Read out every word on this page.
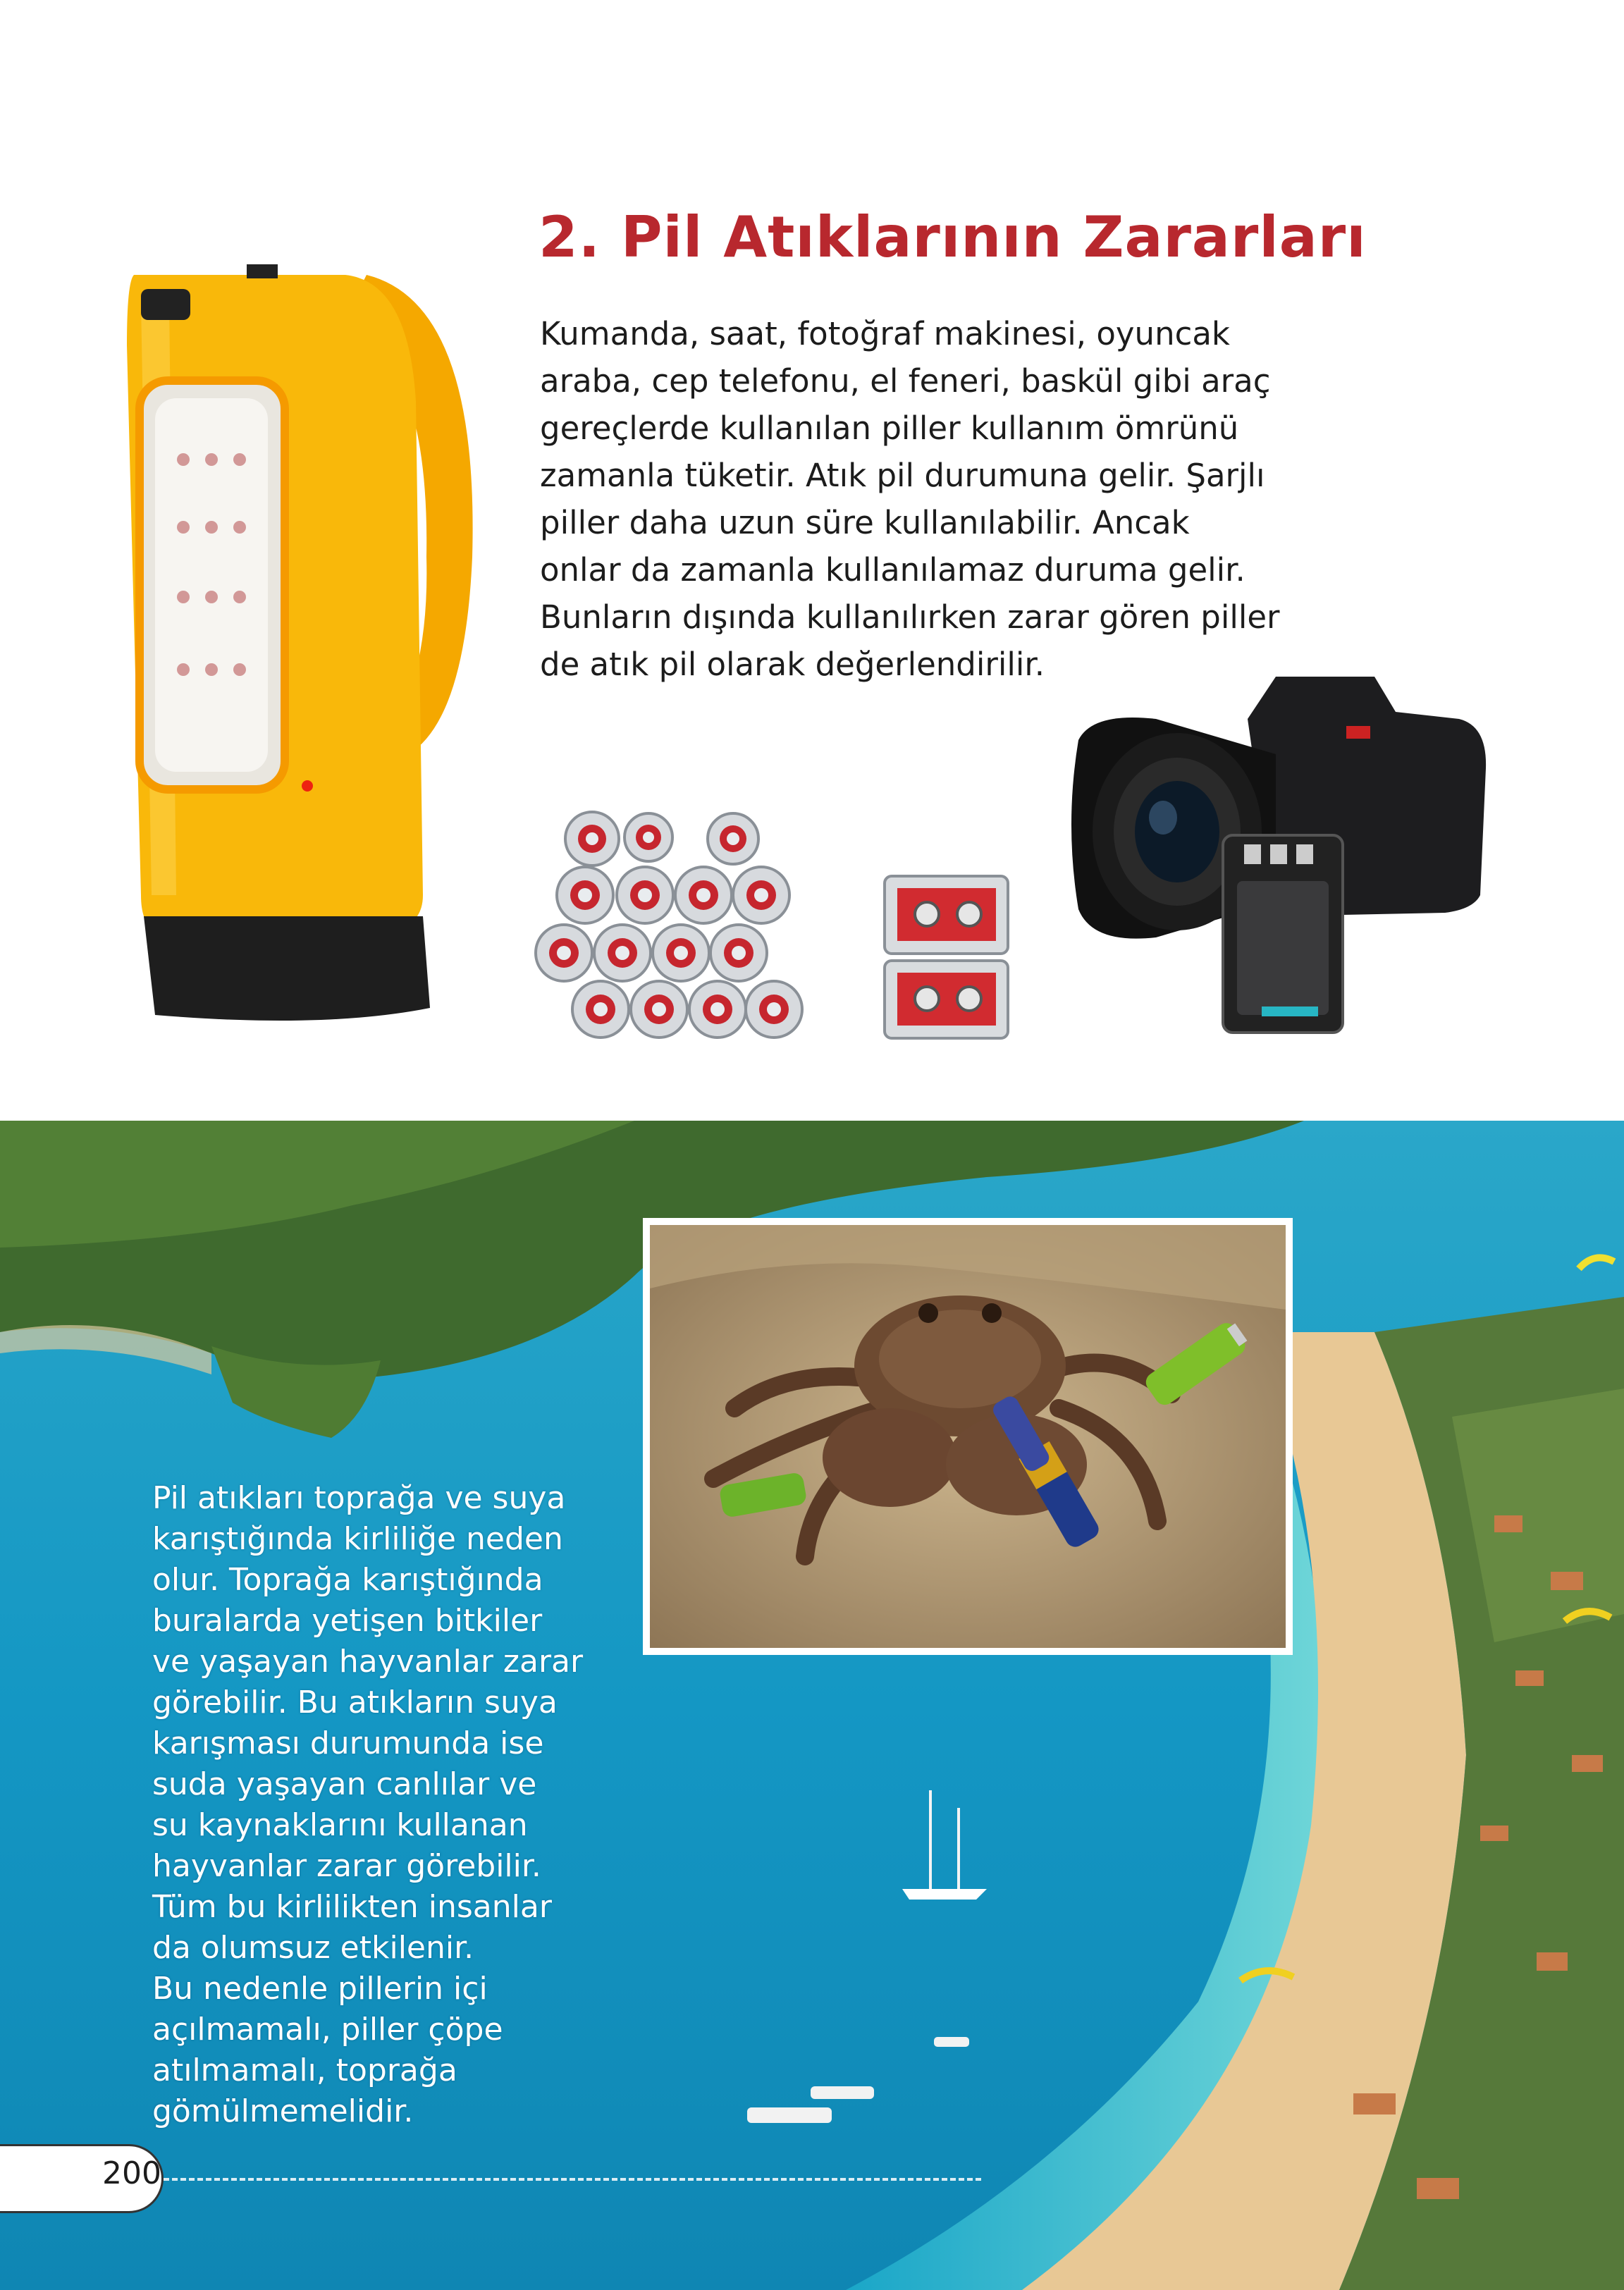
2. Pil Atıklarının Zararları

Kumanda, saat, fotoğraf makinesi, oyuncak
araba, cep telefonu, el feneri, baskül gibi araç
gereçlerde kullanılan piller kullanım ömrünü
zamanla tüketir. Atık pil durumuna gelir. Şarjlı
piller daha uzun süre kullanılabilir. Ancak
onlar da zamanla kullanılamaz duruma gelir.
Bunların dışında kullanılırken zarar gören piller
de atık pil olarak değerlendirilir.

Pil atıkları toprağa ve suya
karıştığında kirliliğe neden
olur. Toprağa karıştığında
buralarda yetişen bitkiler
ve yaşayan hayvanlar zarar
görebilir. Bu atıkların suya
karışması durumunda ise
suda yaşayan canlılar ve
su kaynaklarını kullanan
hayvanlar zarar görebilir.
Tüm bu kirlilikten insanlar
da olumsuz etkilenir.
Bu nedenle pillerin içi
açılmamalı, piller çöpe
atılmamalı, toprağa
gömülmemelidir.

200
